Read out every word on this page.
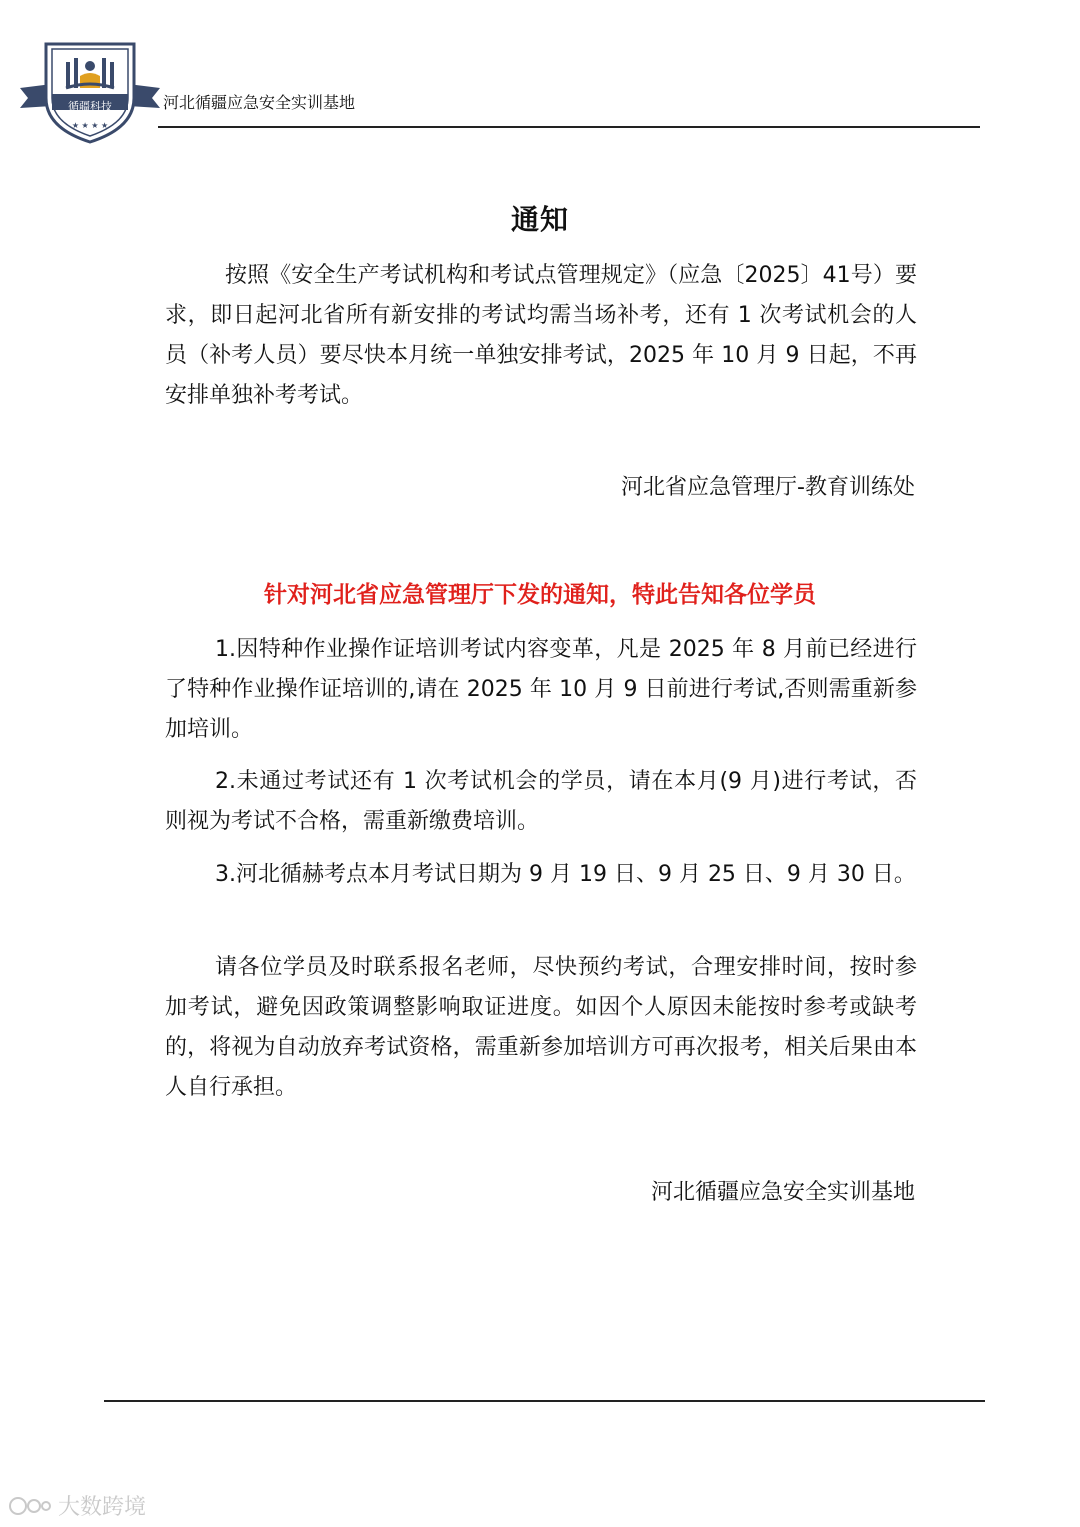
★ ★ ★ ★
循疆科技	河北循疆应急安全实训基地
通知
按照《安全生产考试机构和考试点管理规定》（应急〔2025〕41号）要求，即日起河北省所有新安排的考试均需当场补考，还有 1 次考试机会的人员（补考人员）要尽快本月统一单独安排考试，2025 年 10 月 9 日起，不再安排单独补考考试。
河北省应急管理厅-教育训练处
针对河北省应急管理厅下发的通知，特此告知各位学员
1.因特种作业操作证培训考试内容变革，凡是 2025 年 8 月前已经进行了特种作业操作证培训的,请在 2025 年 10 月 9 日前进行考试,否则需重新参加培训。
2.未通过考试还有 1 次考试机会的学员，请在本月(9 月)进行考试，否则视为考试不合格，需重新缴费培训。
3.河北循赫考点本月考试日期为 9 月 19 日、9 月 25 日、9 月 30 日。
请各位学员及时联系报名老师，尽快预约考试，合理安排时间，按时参加考试，避免因政策调整影响取证进度。如因个人原因未能按时参考或缺考的，将视为自动放弃考试资格，需重新参加培训方可再次报考，相关后果由本人自行承担。
河北循疆应急安全实训基地
大数跨境
